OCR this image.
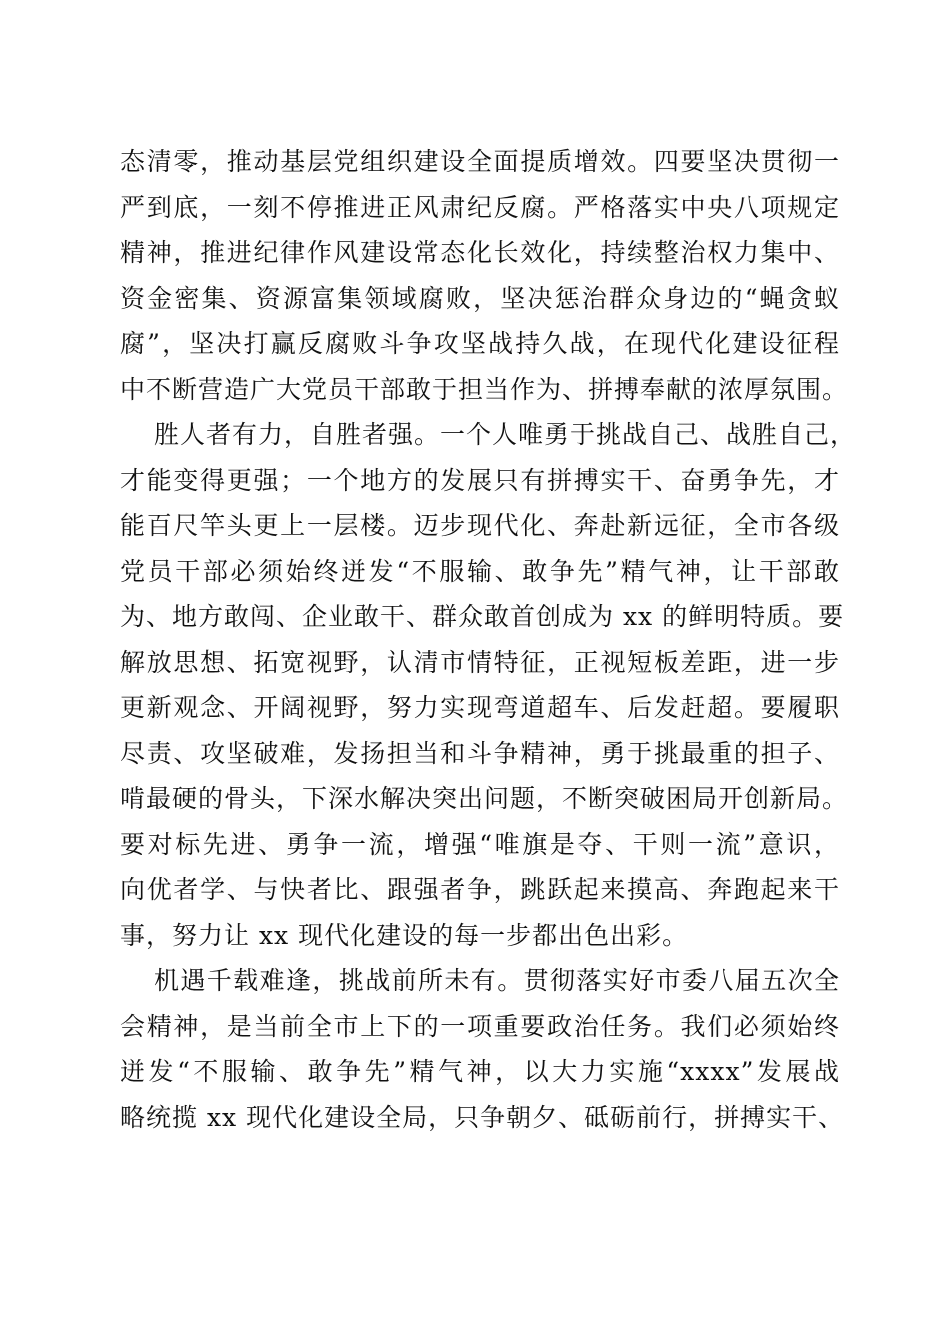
态清零，推动基层党组织建设全面提质增效。四要坚决贯彻一
严到底，一刻不停推进正风肃纪反腐。严格落实中央八项规定
精神，推进纪律作风建设常态化长效化，持续整治权力集中、
资金密集、资源富集领域腐败，坚决惩治群众身边的“蝇贪蚁
腐”，坚决打赢反腐败斗争攻坚战持久战，在现代化建设征程
中不断营造广大党员干部敢于担当作为、拼搏奉献的浓厚氛围。
胜人者有力，自胜者强。一个人唯勇于挑战自己、战胜自己，
才能变得更强；一个地方的发展只有拼搏实干、奋勇争先，才
能百尺竿头更上一层楼。迈步现代化、奔赴新远征，全市各级
党员干部必须始终迸发“不服输、敢争先”精气神，让干部敢
为、地方敢闯、企业敢干、群众敢首创成为 xx 的鲜明特质。要
解放思想、拓宽视野，认清市情特征，正视短板差距，进一步
更新观念、开阔视野，努力实现弯道超车、后发赶超。要履职
尽责、攻坚破难，发扬担当和斗争精神，勇于挑最重的担子、
啃最硬的骨头，下深水解决突出问题，不断突破困局开创新局。
要对标先进、勇争一流，增强“唯旗是夺、干则一流”意识，
向优者学、与快者比、跟强者争，跳跃起来摸高、奔跑起来干
事，努力让 xx 现代化建设的每一步都出色出彩。
机遇千载难逢，挑战前所未有。贯彻落实好市委八届五次全
会精神，是当前全市上下的一项重要政治任务。我们必须始终
迸发“不服输、敢争先”精气神，以大力实施“xxxx”发展战
略统揽 xx 现代化建设全局，只争朝夕、砥砺前行，拼搏实干、
